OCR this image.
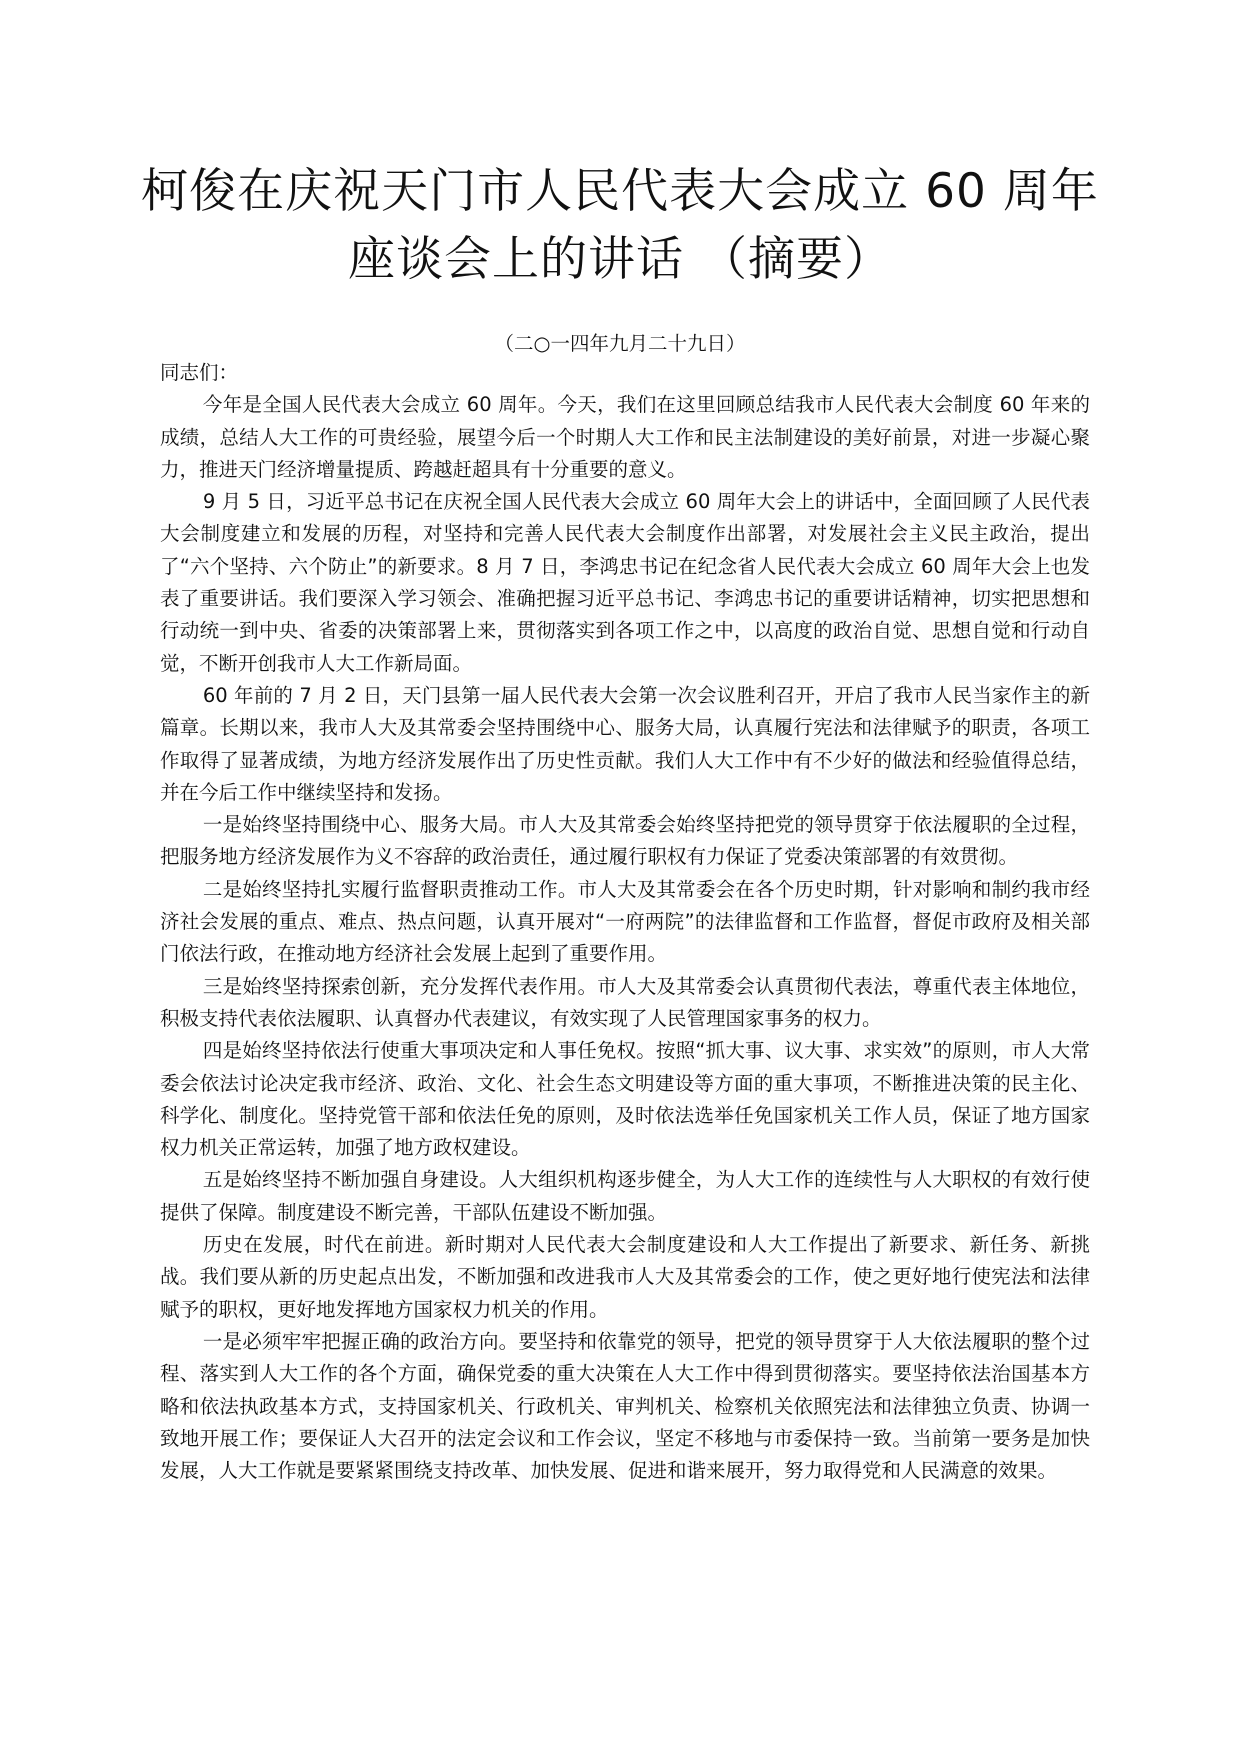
柯俊在庆祝天门市人民代表大会成立 60 周年
座谈会上的讲话 （摘要）

（二○一四年九月二十九日）

同志们：

今年是全国人民代表大会成立 60 周年。今天，我们在这里回顾总结我市人民代表大会制度 60 年来的成绩，总结人大工作的可贵经验，展望今后一个时期人大工作和民主法制建设的美好前景，对进一步凝心聚力，推进天门经济增量提质、跨越赶超具有十分重要的意义。

9 月 5 日，习近平总书记在庆祝全国人民代表大会成立 60 周年大会上的讲话中，全面回顾了人民代表大会制度建立和发展的历程，对坚持和完善人民代表大会制度作出部署，对发展社会主义民主政治，提出了“六个坚持、六个防止”的新要求。8 月 7 日，李鸿忠书记在纪念省人民代表大会成立 60 周年大会上也发表了重要讲话。我们要深入学习领会、准确把握习近平总书记、李鸿忠书记的重要讲话精神，切实把思想和行动统一到中央、省委的决策部署上来，贯彻落实到各项工作之中，以高度的政治自觉、思想自觉和行动自觉，不断开创我市人大工作新局面。

60 年前的 7 月 2 日，天门县第一届人民代表大会第一次会议胜利召开，开启了我市人民当家作主的新篇章。长期以来，我市人大及其常委会坚持围绕中心、服务大局，认真履行宪法和法律赋予的职责，各项工作取得了显著成绩，为地方经济发展作出了历史性贡献。我们人大工作中有不少好的做法和经验值得总结，并在今后工作中继续坚持和发扬。

一是始终坚持围绕中心、服务大局。市人大及其常委会始终坚持把党的领导贯穿于依法履职的全过程，把服务地方经济发展作为义不容辞的政治责任，通过履行职权有力保证了党委决策部署的有效贯彻。

二是始终坚持扎实履行监督职责推动工作。市人大及其常委会在各个历史时期，针对影响和制约我市经济社会发展的重点、难点、热点问题，认真开展对“一府两院”的法律监督和工作监督，督促市政府及相关部门依法行政，在推动地方经济社会发展上起到了重要作用。

三是始终坚持探索创新，充分发挥代表作用。市人大及其常委会认真贯彻代表法，尊重代表主体地位，积极支持代表依法履职、认真督办代表建议，有效实现了人民管理国家事务的权力。

四是始终坚持依法行使重大事项决定和人事任免权。按照“抓大事、议大事、求实效”的原则，市人大常委会依法讨论决定我市经济、政治、文化、社会生态文明建设等方面的重大事项，不断推进决策的民主化、科学化、制度化。坚持党管干部和依法任免的原则，及时依法选举任免国家机关工作人员，保证了地方国家权力机关正常运转，加强了地方政权建设。

五是始终坚持不断加强自身建设。人大组织机构逐步健全，为人大工作的连续性与人大职权的有效行使提供了保障。制度建设不断完善，干部队伍建设不断加强。

历史在发展，时代在前进。新时期对人民代表大会制度建设和人大工作提出了新要求、新任务、新挑战。我们要从新的历史起点出发，不断加强和改进我市人大及其常委会的工作，使之更好地行使宪法和法律赋予的职权，更好地发挥地方国家权力机关的作用。

一是必须牢牢把握正确的政治方向。要坚持和依靠党的领导，把党的领导贯穿于人大依法履职的整个过程、落实到人大工作的各个方面，确保党委的重大决策在人大工作中得到贯彻落实。要坚持依法治国基本方略和依法执政基本方式，支持国家机关、行政机关、审判机关、检察机关依照宪法和法律独立负责、协调一致地开展工作；要保证人大召开的法定会议和工作会议，坚定不移地与市委保持一致。当前第一要务是加快发展，人大工作就是要紧紧围绕支持改革、加快发展、促进和谐来展开，努力取得党和人民满意的效果。
